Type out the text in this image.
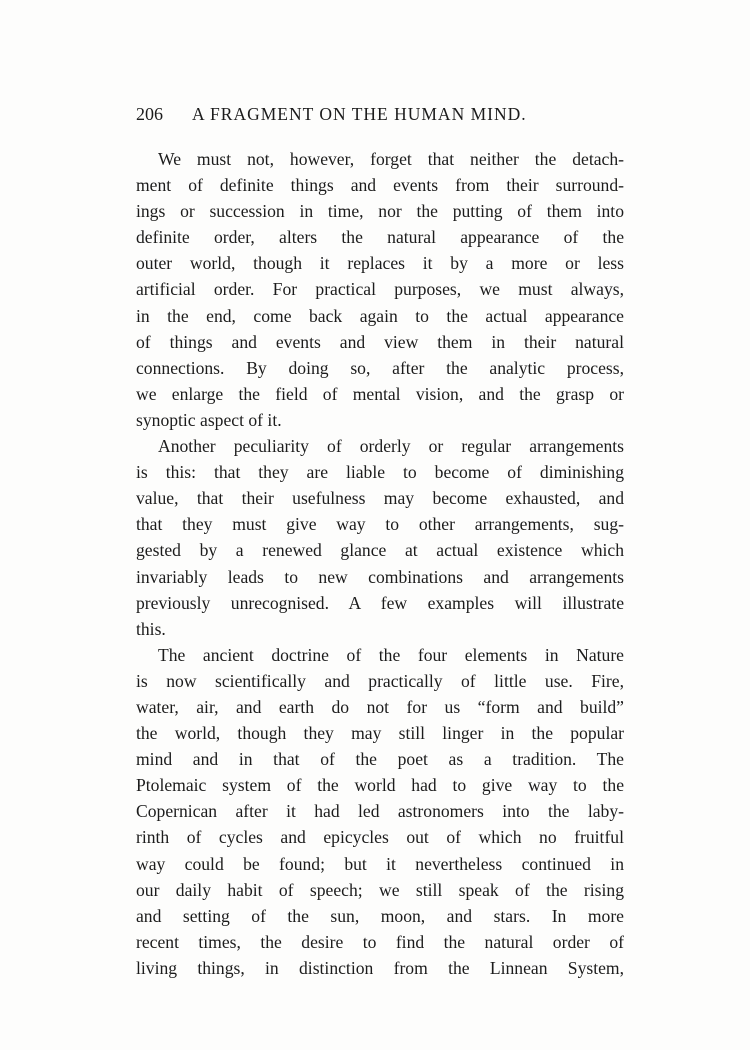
206 A FRAGMENT ON THE HUMAN MIND.
We must not, however, forget that neither the detach-
ment of definite things and events from their surround-
ings or succession in time, nor the putting of them into
definite order, alters the natural appearance of the
outer world, though it replaces it by a more or less
artificial order. For practical purposes, we must always,
in the end, come back again to the actual appearance
of things and events and view them in their natural
connections. By doing so, after the analytic process,
we enlarge the field of mental vision, and the grasp or
synoptic aspect of it.
Another peculiarity of orderly or regular arrangements
is this: that they are liable to become of diminishing
value, that their usefulness may become exhausted, and
that they must give way to other arrangements, sug-
gested by a renewed glance at actual existence which
invariably leads to new combinations and arrangements
previously unrecognised. A few examples will illustrate
this.
The ancient doctrine of the four elements in Nature
is now scientifically and practically of little use. Fire,
water, air, and earth do not for us “form and build”
the world, though they may still linger in the popular
mind and in that of the poet as a tradition. The
Ptolemaic system of the world had to give way to the
Copernican after it had led astronomers into the laby-
rinth of cycles and epicycles out of which no fruitful
way could be found; but it nevertheless continued in
our daily habit of speech; we still speak of the rising
and setting of the sun, moon, and stars. In more
recent times, the desire to find the natural order of
living things, in distinction from the Linnean System,
